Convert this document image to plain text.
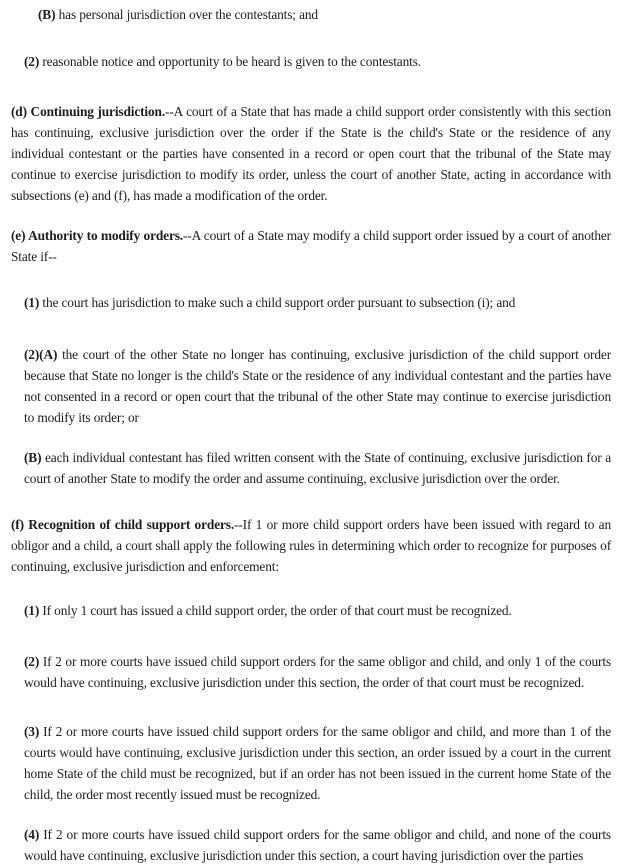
(B) has personal jurisdiction over the contestants; and

(2) reasonable notice and opportunity to be heard is given to the contestants.

(d) Continuing jurisdiction.--A court of a State that has made a child support order consistently with this section has continuing, exclusive jurisdiction over the order if the State is the child's State or the residence of any individual contestant or the parties have consented in a record or open court that the tribunal of the State may continue to exercise jurisdiction to modify its order, unless the court of another State, acting in accordance with subsections (e) and (f), has made a modification of the order.

(e) Authority to modify orders.--A court of a State may modify a child support order issued by a court of another State if--

(1) the court has jurisdiction to make such a child support order pursuant to subsection (i); and

(2)(A) the court of the other State no longer has continuing, exclusive jurisdiction of the child support order because that State no longer is the child's State or the residence of any individual contestant and the parties have not consented in a record or open court that the tribunal of the other State may continue to exercise jurisdiction to modify its order; or

(B) each individual contestant has filed written consent with the State of continuing, exclusive jurisdiction for a court of another State to modify the order and assume continuing, exclusive jurisdiction over the order.

(f) Recognition of child support orders.--If 1 or more child support orders have been issued with regard to an obligor and a child, a court shall apply the following rules in determining which order to recognize for purposes of continuing, exclusive jurisdiction and enforcement:

(1) If only 1 court has issued a child support order, the order of that court must be recognized.

(2) If 2 or more courts have issued child support orders for the same obligor and child, and only 1 of the courts would have continuing, exclusive jurisdiction under this section, the order of that court must be recognized.

(3) If 2 or more courts have issued child support orders for the same obligor and child, and more than 1 of the courts would have continuing, exclusive jurisdiction under this section, an order issued by a court in the current home State of the child must be recognized, but if an order has not been issued in the current home State of the child, the order most recently issued must be recognized.

(4) If 2 or more courts have issued child support orders for the same obligor and child, and none of the courts would have continuing, exclusive jurisdiction under this section, a court having jurisdiction over the parties
